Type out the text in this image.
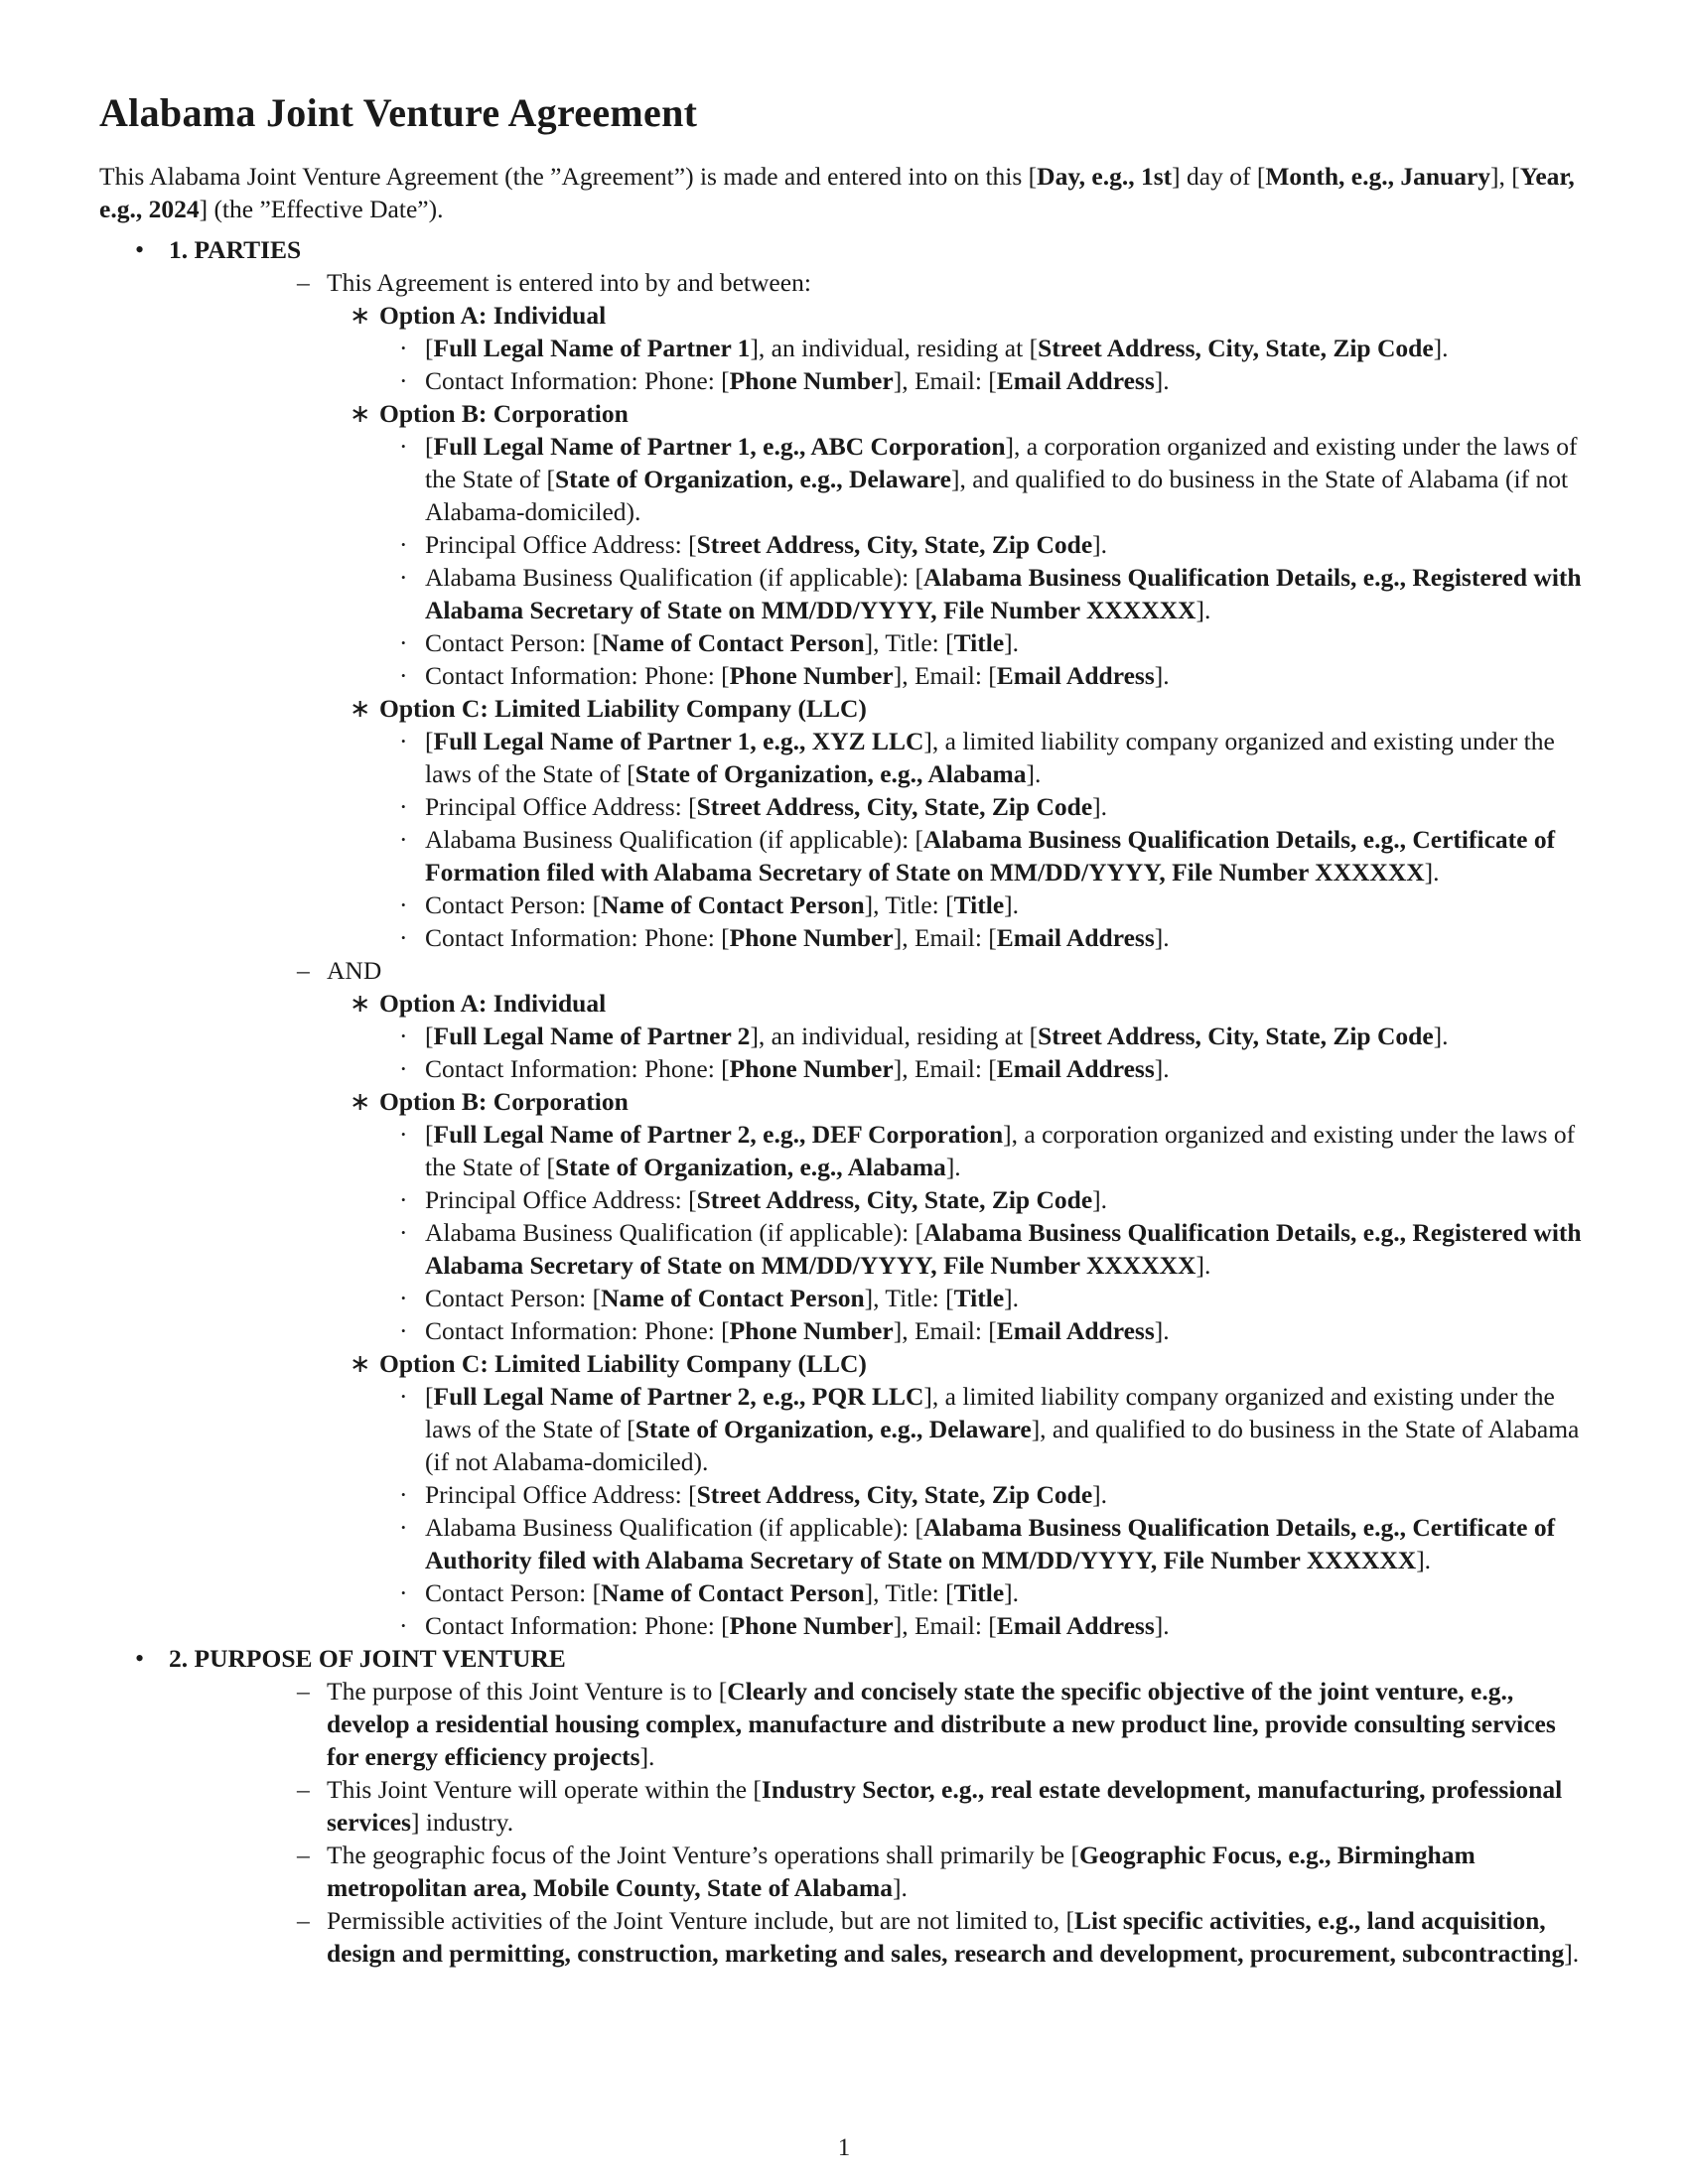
Alabama Joint Venture Agreement

This Alabama Joint Venture Agreement (the ”Agreement”) is made and entered into on this [Day, e.g., 1st] day of [Month, e.g., January], [Year, e.g., 2024] (the ”Effective Date”).

• 1. PARTIES
– This Agreement is entered into by and between:
∗ Option A: Individual
· [Full Legal Name of Partner 1], an individual, residing at [Street Address, City, State, Zip Code].
· Contact Information: Phone: [Phone Number], Email: [Email Address].
∗ Option B: Corporation
· [Full Legal Name of Partner 1, e.g., ABC Corporation], a corporation organized and existing under the laws of the State of [State of Organization, e.g., Delaware], and qualified to do business in the State of Alabama (if not Alabama-domiciled).
· Principal Office Address: [Street Address, City, State, Zip Code].
· Alabama Business Qualification (if applicable): [Alabama Business Qualification Details, e.g., Registered with Alabama Secretary of State on MM/DD/YYYY, File Number XXXXXX].
· Contact Person: [Name of Contact Person], Title: [Title].
· Contact Information: Phone: [Phone Number], Email: [Email Address].
∗ Option C: Limited Liability Company (LLC)
· [Full Legal Name of Partner 1, e.g., XYZ LLC], a limited liability company organized and existing under the laws of the State of [State of Organization, e.g., Alabama].
· Principal Office Address: [Street Address, City, State, Zip Code].
· Alabama Business Qualification (if applicable): [Alabama Business Qualification Details, e.g., Certificate of Formation filed with Alabama Secretary of State on MM/DD/YYYY, File Number XXXXXX].
· Contact Person: [Name of Contact Person], Title: [Title].
· Contact Information: Phone: [Phone Number], Email: [Email Address].
– AND
∗ Option A: Individual
· [Full Legal Name of Partner 2], an individual, residing at [Street Address, City, State, Zip Code].
· Contact Information: Phone: [Phone Number], Email: [Email Address].
∗ Option B: Corporation
· [Full Legal Name of Partner 2, e.g., DEF Corporation], a corporation organized and existing under the laws of the State of [State of Organization, e.g., Alabama].
· Principal Office Address: [Street Address, City, State, Zip Code].
· Alabama Business Qualification (if applicable): [Alabama Business Qualification Details, e.g., Registered with Alabama Secretary of State on MM/DD/YYYY, File Number XXXXXX].
· Contact Person: [Name of Contact Person], Title: [Title].
· Contact Information: Phone: [Phone Number], Email: [Email Address].
∗ Option C: Limited Liability Company (LLC)
· [Full Legal Name of Partner 2, e.g., PQR LLC], a limited liability company organized and existing under the laws of the State of [State of Organization, e.g., Delaware], and qualified to do business in the State of Alabama (if not Alabama-domiciled).
· Principal Office Address: [Street Address, City, State, Zip Code].
· Alabama Business Qualification (if applicable): [Alabama Business Qualification Details, e.g., Certificate of Authority filed with Alabama Secretary of State on MM/DD/YYYY, File Number XXXXXX].
· Contact Person: [Name of Contact Person], Title: [Title].
· Contact Information: Phone: [Phone Number], Email: [Email Address].
• 2. PURPOSE OF JOINT VENTURE
– The purpose of this Joint Venture is to [Clearly and concisely state the specific objective of the joint venture, e.g., develop a residential housing complex, manufacture and distribute a new product line, provide consulting services for energy efficiency projects].
– This Joint Venture will operate within the [Industry Sector, e.g., real estate development, manufacturing, professional services] industry.
– The geographic focus of the Joint Venture’s operations shall primarily be [Geographic Focus, e.g., Birmingham metropolitan area, Mobile County, State of Alabama].
– Permissible activities of the Joint Venture include, but are not limited to, [List specific activities, e.g., land acquisition, design and permitting, construction, marketing and sales, research and development, procurement, subcontracting].
1
